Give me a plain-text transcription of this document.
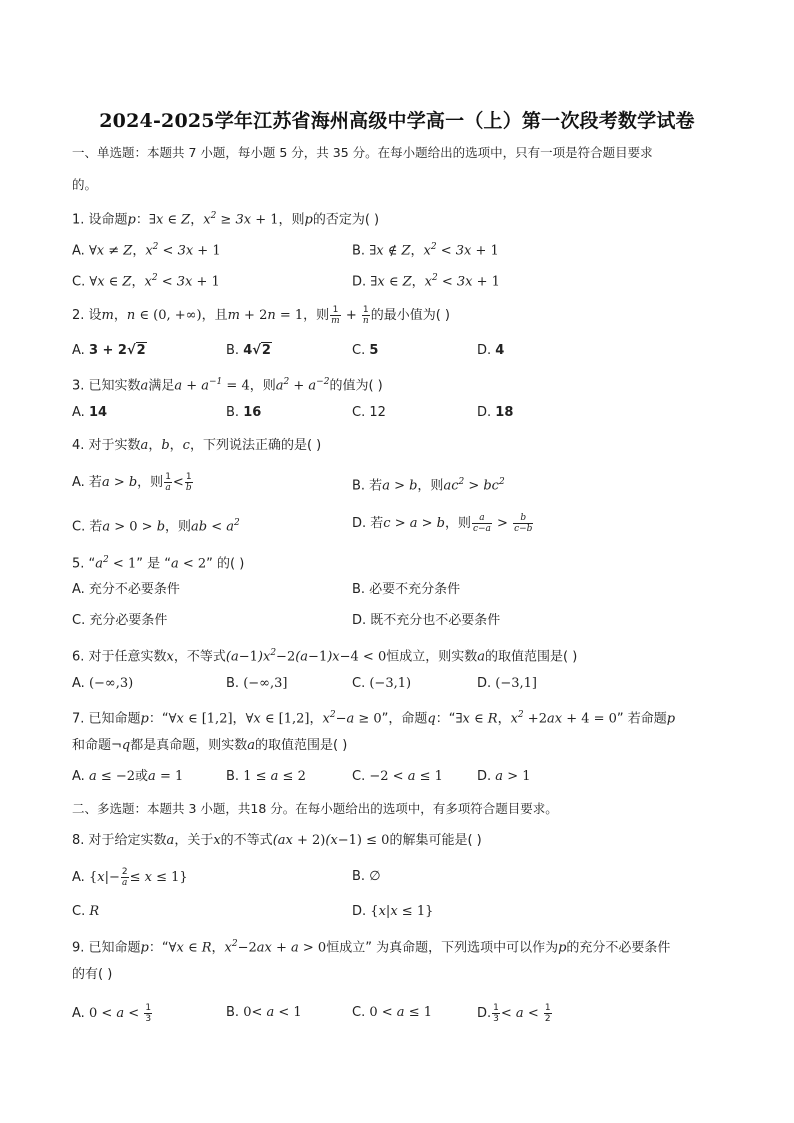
2024-2025学年江苏省海州高级中学高一（上）第一次段考数学试卷
一、单选题：本题共 7 小题，每小题 5 分，共 35 分。在每小题给出的选项中，只有一项是符合题目要求
的。
1. 设命题p：∃x ∈ Z，$x^2 \ge 3x + 1$，则p的否定为( )
A. ∀x ≠ Z，$x^2 < 3x + 1$	B. ∃x ∉ Z，$x^2 < 3x + 1$
C. ∀x ∈ Z，$x^2 < 3x + 1$	D. ∃x ∈ Z，$x^2 < 3x + 1$
2. 设m，n ∈ (0, +∞)，且m + 2n = 1，则 $\frac{1}{m} + \frac{1}{n}$ 的最小值为( )
A. 3 + 2√2	B. 4√2	C. 5	D. 4
3. 已知实数a满足$a + a^{-1} = 4$，则$a^2 + a^{-2}$的值为( )
A. 14	B. 16	C. 12	D. 18
4. 对于实数a，b，c，下列说法正确的是( )
A. 若a > b，则 $\frac{1}{a} < \frac{1}{b}$	B. 若a > b，则$ac^2 > bc^2$
C. 若a > 0 > b，则ab < $a^2$	D. 若c > a > b，则 $\frac{a}{c-a} > \frac{b}{c-b}$
5. “$a^2 < 1$” 是 “a < 2” 的( )
A. 充分不必要条件	B. 必要不充分条件
C. 充分必要条件	D. 既不充分也不必要条件
6. 对于任意实数x，不等式$(a-1)x^2-2(a-1)x-4 < 0$恒成立，则实数a的取值范围是( )
A. (−∞,3)	B. (−∞,3]	C. (−3,1)	D. (−3,1]
7. 已知命题p：“∀x ∈ [1,2]，∀x ∈ [1,2]，$x^2-a \ge 0$”，命题q：“∃x ∈ R，$x^2 +2ax + 4 = 0$” 若命题p
和命题¬q都是真命题，则实数a的取值范围是( )
A. a ≤ −2或a = 1	B. 1 ≤ a ≤ 2	C. −2 < a ≤ 1	D. a > 1
二、多选题：本题共 3 小题，共18 分。在每小题给出的选项中，有多项符合题目要求。
8. 对于给定实数a，关于x的不等式(ax + 2)(x−1) ≤ 0的解集可能是( )
A. $\{x|- \frac{2}{a} \le x \le 1\}$	B. ∅
C. R	D. {x|x ≤ 1}
9. 已知命题p：“∀x ∈ R，$x^2-2ax + a > 0$恒成立” 为真命题，下列选项中可以作为p的充分不必要条件
的有( )
A. $0 < a < \frac{1}{3}$	B. 0< a < 1	C. 0 < a ≤ 1	D. $\frac{1}{3} < a < \frac{1}{2}$
